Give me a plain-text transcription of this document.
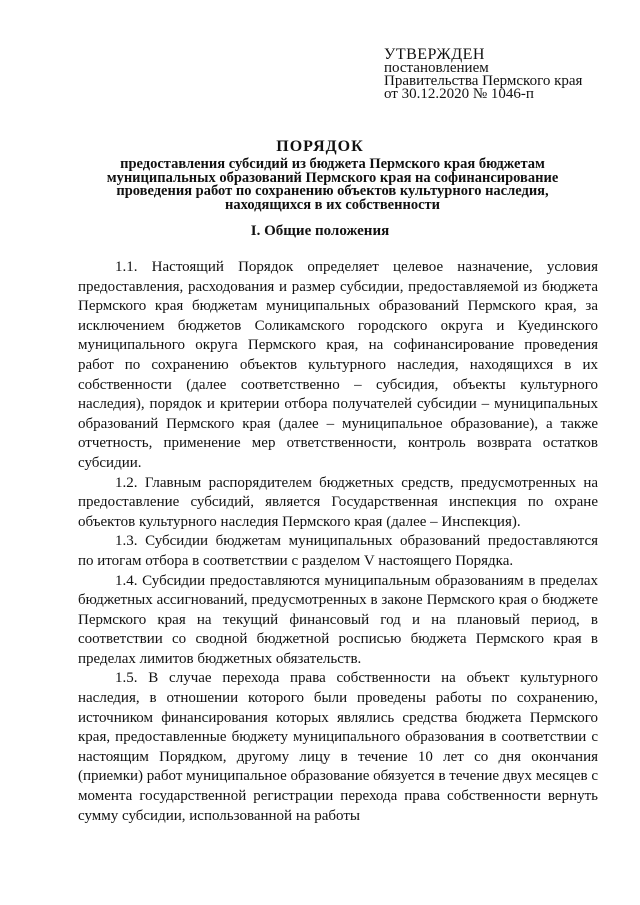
УТВЕРЖДЕН
постановлением
Правительства Пермского края
от 30.12.2020 № 1046-п
ПОРЯДОК
предоставления субсидий из бюджета Пермского края бюджетам муниципальных образований Пермского края на софинансирование проведения работ по сохранению объектов культурного наследия, находящихся в их собственности
I. Общие положения

1.1. Настоящий Порядок определяет целевое назначение, условия предоставления, расходования и размер субсидии, предоставляемой из бюджета Пермского края бюджетам муниципальных образований Пермского края, за исключением бюджетов Соликамского городского округа и Куединского муниципального округа Пермского края, на софинансирование проведения работ по сохранению объектов культурного наследия, находящихся в их собственности (далее соответственно – субсидия, объекты культурного наследия), порядок и критерии отбора получателей субсидии – муниципальных образований Пермского края (далее – муниципальное образование), а также отчетность, применение мер ответственности, контроль возврата остатков субсидии.

1.2. Главным распорядителем бюджетных средств, предусмотренных на предоставление субсидий, является Государственная инспекция по охране объектов культурного наследия Пермского края (далее – Инспекция).

1.3. Субсидии бюджетам муниципальных образований предоставляются по итогам отбора в соответствии с разделом V настоящего Порядка.

1.4. Субсидии предоставляются муниципальным образованиям в пределах бюджетных ассигнований, предусмотренных в законе Пермского края о бюджете Пермского края на текущий финансовый год и на плановый период, в соответствии со сводной бюджетной росписью бюджета Пермского края в пределах лимитов бюджетных обязательств.

1.5. В случае перехода права собственности на объект культурного наследия, в отношении которого были проведены работы по сохранению, источником финансирования которых являлись средства бюджета Пермского края, предоставленные бюджету муниципального образования в соответствии с настоящим Порядком, другому лицу в течение 10 лет со дня окончания (приемки) работ муниципальное образование обязуется в течение двух месяцев с момента государственной регистрации перехода права собственности вернуть сумму субсидии, использованной на работы
